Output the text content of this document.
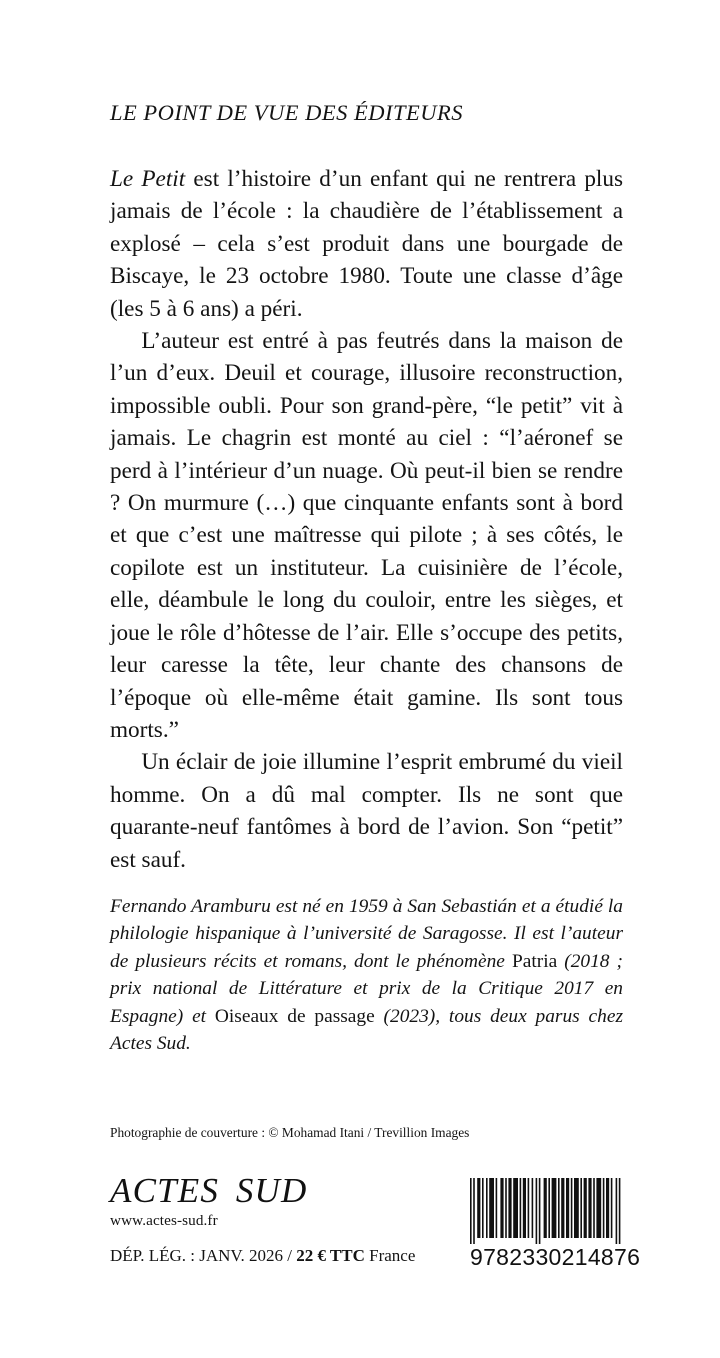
LE POINT DE VUE DES ÉDITEURS

Le Petit est l’histoire d’un enfant qui ne rentrera plus jamais de l’école : la chaudière de l’établissement a explosé – cela s’est produit dans une bourgade de Biscaye, le 23 octobre 1980. Toute une classe d’âge (les 5 à 6 ans) a péri.

L’auteur est entré à pas feutrés dans la maison de l’un d’eux. Deuil et courage, illusoire reconstruction, impossible oubli. Pour son grand-père, “le petit” vit à jamais. Le chagrin est monté au ciel : “l’aéronef se perd à l’intérieur d’un nuage. Où peut-il bien se rendre ? On murmure (…) que cinquante enfants sont à bord et que c’est une maîtresse qui pilote ; à ses côtés, le copilote est un instituteur. La cuisinière de l’école, elle, déambule le long du couloir, entre les sièges, et joue le rôle d’hôtesse de l’air. Elle s’occupe des petits, leur caresse la tête, leur chante des chansons de l’époque où elle-même était gamine. Ils sont tous morts.”

Un éclair de joie illumine l’esprit embrumé du vieil homme. On a dû mal compter. Ils ne sont que quarante-neuf fantômes à bord de l’avion. Son “petit” est sauf.

Fernando Aramburu est né en 1959 à San Sebastián et a étudié la philologie hispanique à l’université de Saragosse. Il est l’auteur de plusieurs récits et romans, dont le phénomène Patria (2018 ; prix national de Littérature et prix de la Critique 2017 en Espagne) et Oiseaux de passage (2023), tous deux parus chez Actes Sud.

Photographie de couverture : © Mohamad Itani / Trevillion Images
ACTES SUD
www.actes-sud.fr
DÉP. LÉG. : JANV. 2026 / 22 € TTC France	9 782330 214876
